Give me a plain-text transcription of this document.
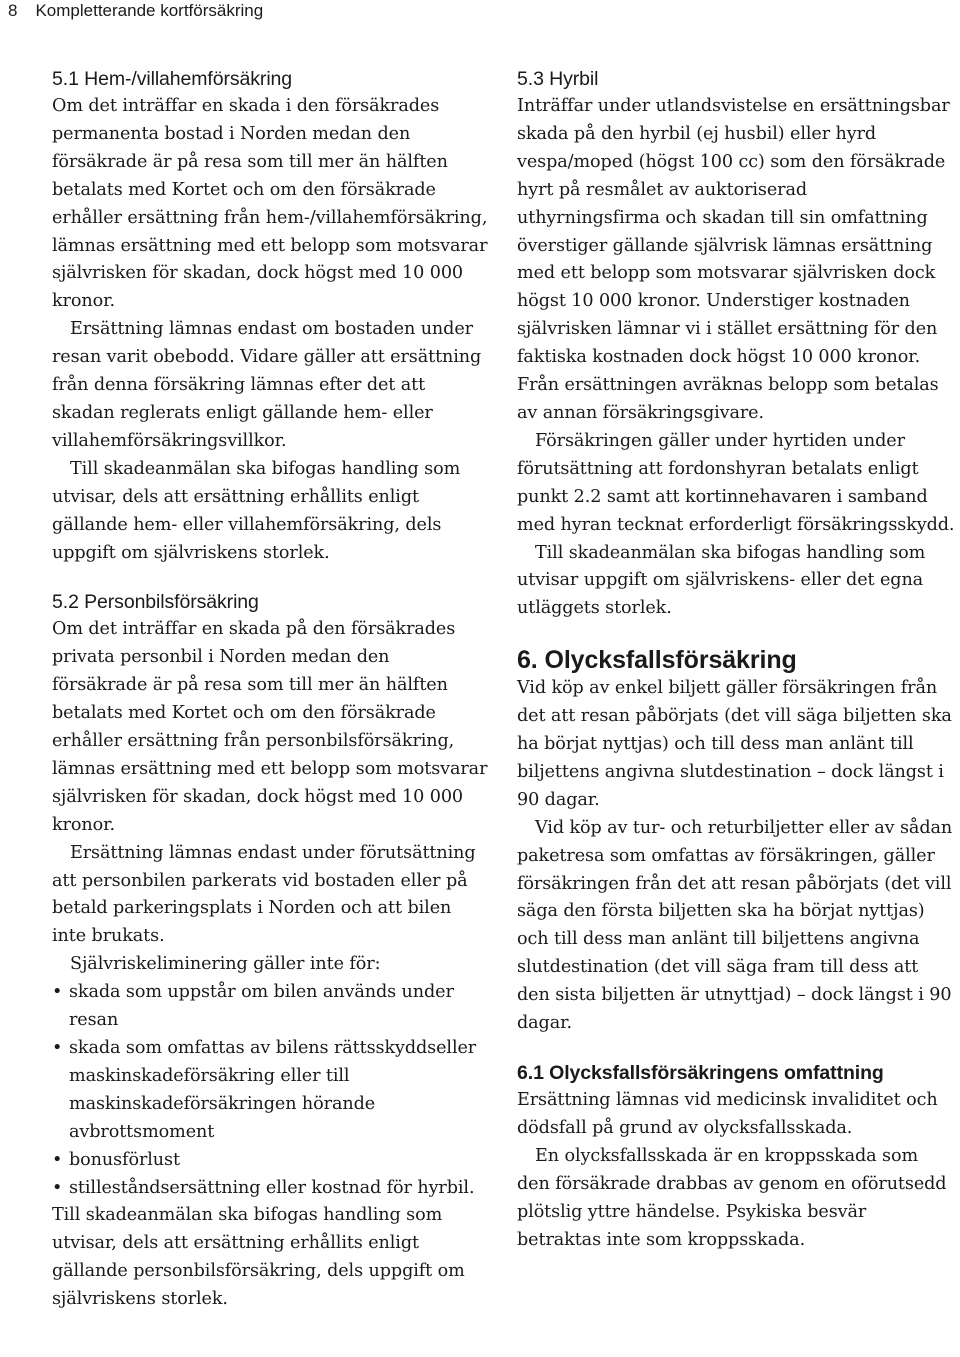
8 Kompletterande kortförsäkring
5.1 Hem-/villahemförsäkring

Om det inträffar en skada i den försäkrades permanenta bostad i Norden medan den försäkrade är på resa som till mer än hälften betalats med Kortet och om den försäkrade erhåller ersättning från hem-/villahemförsäkring, lämnas ersättning med ett belopp som motsvarar självrisken för skadan, dock högst med 10 000 kronor.

Ersättning lämnas endast om bostaden under resan varit obebodd. Vidare gäller att ersättning från denna försäkring lämnas efter det att skadan reglerats enligt gällande hem- eller villahemförsäkringsvillkor.

Till skadeanmälan ska bifogas handling som utvisar, dels att ersättning erhållits enligt gällande hem- eller villahemförsäkring, dels uppgift om självriskens storlek.

5.2 Personbilsförsäkring

Om det inträffar en skada på den försäkrades privata personbil i Norden medan den försäkrade är på resa som till mer än hälften betalats med Kortet och om den försäkrade erhåller ersättning från personbilsförsäkring, lämnas ersättning med ett belopp som motsvarar självrisken för skadan, dock högst med 10 000 kronor.

Ersättning lämnas endast under förutsättning att personbilen parkerats vid bostaden eller på betald parkeringsplats i Norden och att bilen inte brukats.

Självriskeliminering gäller inte för:

• skada som uppstår om bilen används under resan
• skada som omfattas av bilens rättsskyddseller maskinskadeförsäkring eller till maskinskadeförsäkringen hörande avbrottsmoment
• bonusförlust
• stilleståndsersättning eller kostnad för hyrbil.

Till skadeanmälan ska bifogas handling som utvisar, dels att ersättning erhållits enligt gällande personbilsförsäkring, dels uppgift om självriskens storlek.

5.3 Hyrbil

Inträffar under utlandsvistelse en ersättningsbar skada på den hyrbil (ej husbil) eller hyrd vespa/moped (högst 100 cc) som den försäkrade hyrt på resmålet av auktoriserad uthyrningsfirma och skadan till sin omfattning överstiger gällande självrisk lämnas ersättning med ett belopp som motsvarar självrisken dock högst 10 000 kronor. Understiger kostnaden självrisken lämnar vi i stället ersättning för den faktiska kostnaden dock högst 10 000 kronor. Från ersättningen avräknas belopp som betalas av annan försäkringsgivare.

Försäkringen gäller under hyrtiden under förutsättning att fordonshyran betalats enligt punkt 2.2 samt att kortinnehavaren i samband med hyran tecknat erforderligt försäkringsskydd.

Till skadeanmälan ska bifogas handling som utvisar uppgift om självriskens- eller det egna utläggets storlek.

6. Olycksfallsförsäkring

Vid köp av enkel biljett gäller försäkringen från det att resan påbörjats (det vill säga biljetten ska ha börjat nyttjas) och till dess man anlänt till biljettens angivna slutdestination – dock längst i 90 dagar.

Vid köp av tur- och returbiljetter eller av sådan paketresa som omfattas av försäkringen, gäller försäkringen från det att resan påbörjats (det vill säga den första biljetten ska ha börjat nyttjas) och till dess man anlänt till biljettens angivna slutdestination (det vill säga fram till dess att den sista biljetten är utnyttjad) – dock längst i 90 dagar.

6.1 Olycksfallsförsäkringens omfattning

Ersättning lämnas vid medicinsk invaliditet och dödsfall på grund av olycksfallsskada.

En olycksfallsskada är en kroppsskada som den försäkrade drabbas av genom en oförutsedd plötslig yttre händelse. Psykiska besvär betraktas inte som kroppsskada.
